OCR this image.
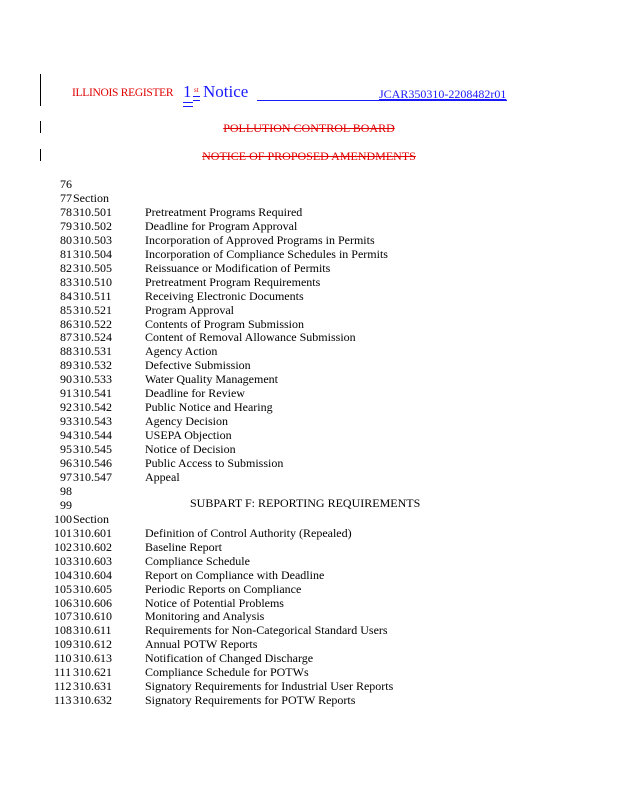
ILLINOIS REGISTER 1 st Notice	JCAR350310-2208482r01
POLLUTION CONTROL BOARD
NOTICE OF PROPOSED AMENDMENTS
76
77 Section
78 310.501	Pretreatment Programs Required
79 310.502	Deadline for Program Approval
80 310.503	Incorporation of Approved Programs in Permits
81 310.504	Incorporation of Compliance Schedules in Permits
82 310.505	Reissuance or Modification of Permits
83 310.510	Pretreatment Program Requirements
84 310.511	Receiving Electronic Documents
85 310.521	Program Approval
86 310.522	Contents of Program Submission
87 310.524	Content of Removal Allowance Submission
88 310.531	Agency Action
89 310.532	Defective Submission
90 310.533	Water Quality Management
91 310.541	Deadline for Review
92 310.542	Public Notice and Hearing
93 310.543	Agency Decision
94 310.544	USEPA Objection
95 310.545	Notice of Decision
96 310.546	Public Access to Submission
97 310.547	Appeal
98
99
100 Section
101 310.601	Definition of Control Authority (Repealed)
102 310.602	Baseline Report
103 310.603	Compliance Schedule
104 310.604	Report on Compliance with Deadline
105 310.605	Periodic Reports on Compliance
106 310.606	Notice of Potential Problems
107 310.610	Monitoring and Analysis
108 310.611	Requirements for Non-Categorical Standard Users
109 310.612	Annual POTW Reports
110 310.613	Notification of Changed Discharge
111 310.621	Compliance Schedule for POTWs
112 310.631	Signatory Requirements for Industrial User Reports
113 310.632	Signatory Requirements for POTW Reports
SUBPART F: REPORTING REQUIREMENTS
